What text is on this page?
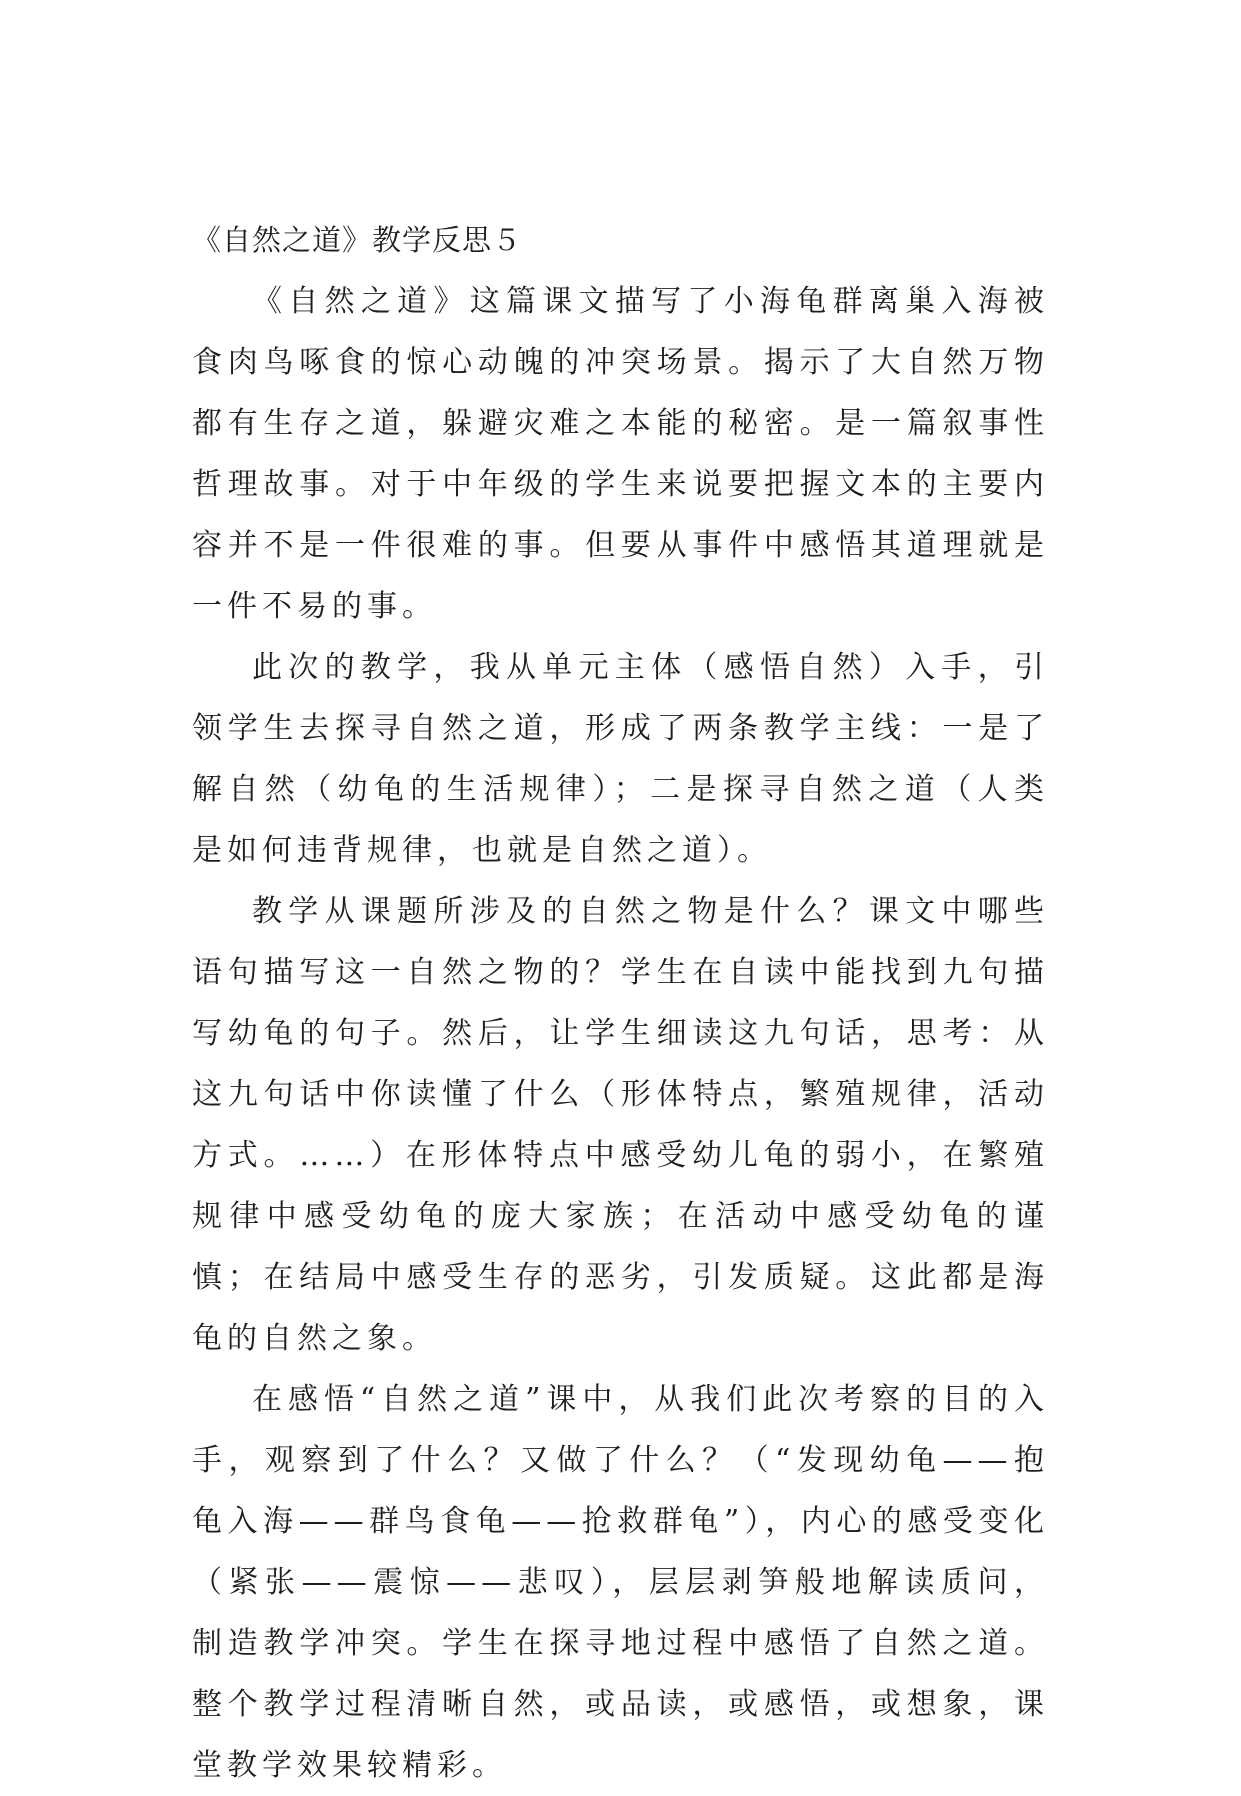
《自然之道》教学反思５

《自然之道》这篇课文描写了小海龟群离巢入海被食肉鸟啄食的惊心动魄的冲突场景。揭示了大自然万物都有生存之道，躲避灾难之本能的秘密。是一篇叙事性哲理故事。对于中年级的学生来说要把握文本的主要内容并不是一件很难的事。但要从事件中感悟其道理就是一件不易的事。

此次的教学，我从单元主体（感悟自然）入手，引领学生去探寻自然之道，形成了两条教学主线：一是了解自然（幼龟的生活规律）；二是探寻自然之道（人类是如何违背规律，也就是自然之道）。

教学从课题所涉及的自然之物是什么？课文中哪些语句描写这一自然之物的？学生在自读中能找到九句描写幼龟的句子。然后，让学生细读这九句话，思考：从这九句话中你读懂了什么（形体特点，繁殖规律，活动方式。……）在形体特点中感受幼儿龟的弱小，在繁殖规律中感受幼龟的庞大家族；在活动中感受幼龟的谨慎；在结局中感受生存的恶劣，引发质疑。这此都是海龟的自然之象。

在感悟“自然之道”课中，从我们此次考察的目的入手，观察到了什么？又做了什么？（“发现幼龟——抱龟入海——群鸟食龟——抢救群龟”），内心的感受变化（紧张——震惊——悲叹），层层剥笋般地解读质问，制造教学冲突。学生在探寻地过程中感悟了自然之道。整个教学过程清晰自然，或品读，或感悟，或想象，课堂教学效果较精彩。
